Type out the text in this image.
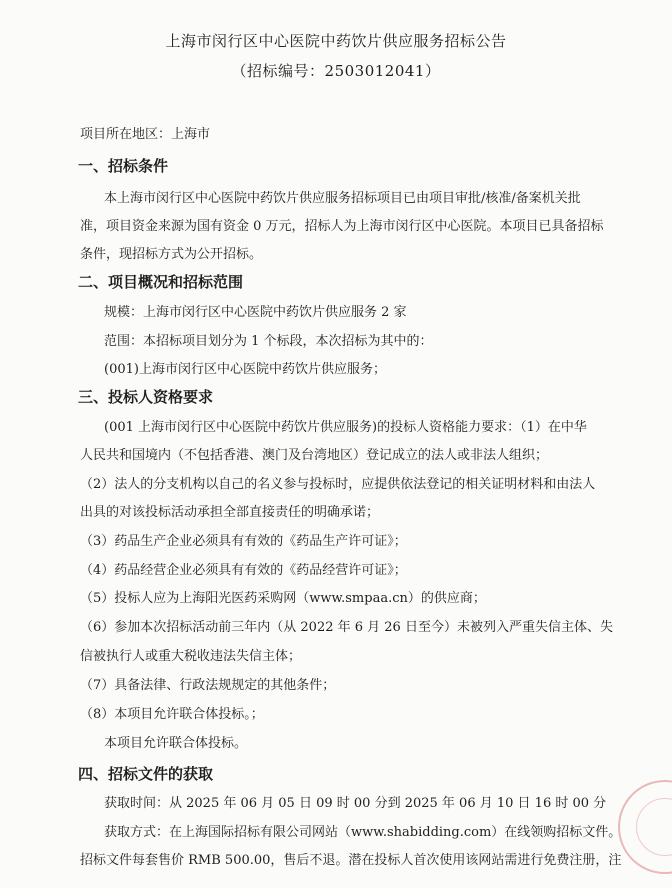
上海市闵行区中心医院中药饮片供应服务招标公告
（招标编号：2503012041）
项目所在地区：上海市
一、招标条件
本上海市闵行区中心医院中药饮片供应服务招标项目已由项目审批/核准/备案机关批
准，项目资金来源为国有资金 0 万元，招标人为上海市闵行区中心医院。本项目已具备招标
条件，现招标方式为公开招标。
二、项目概况和招标范围
规模：上海市闵行区中心医院中药饮片供应服务 2 家
范围：本招标项目划分为 1 个标段，本次招标为其中的：
(001)上海市闵行区中心医院中药饮片供应服务；
三、投标人资格要求
(001 上海市闵行区中心医院中药饮片供应服务)的投标人资格能力要求：（1）在中华
人民共和国境内（不包括香港、澳门及台湾地区）登记成立的法人或非法人组织；
（2）法人的分支机构以自己的名义参与投标时，应提供依法登记的相关证明材料和由法人
出具的对该投标活动承担全部直接责任的明确承诺；
（3）药品生产企业必须具有有效的《药品生产许可证》；
（4）药品经营企业必须具有有效的《药品经营许可证》；
（5）投标人应为上海阳光医药采购网（www.smpaa.cn）的供应商；
（6）参加本次招标活动前三年内（从 2022 年 6 月 26 日至今）未被列入严重失信主体、失
信被执行人或重大税收违法失信主体；
（7）具备法律、行政法规规定的其他条件；
（8）本项目允许联合体投标。；
本项目允许联合体投标。
四、招标文件的获取
获取时间：从 2025 年 06 月 05 日 09 时 00 分到 2025 年 06 月 10 日 16 时 00 分
获取方式：在上海国际招标有限公司网站（www.shabidding.com）在线领购招标文件。
招标文件每套售价 RMB 500.00，售后不退。潜在投标人首次使用该网站需进行免费注册，注
